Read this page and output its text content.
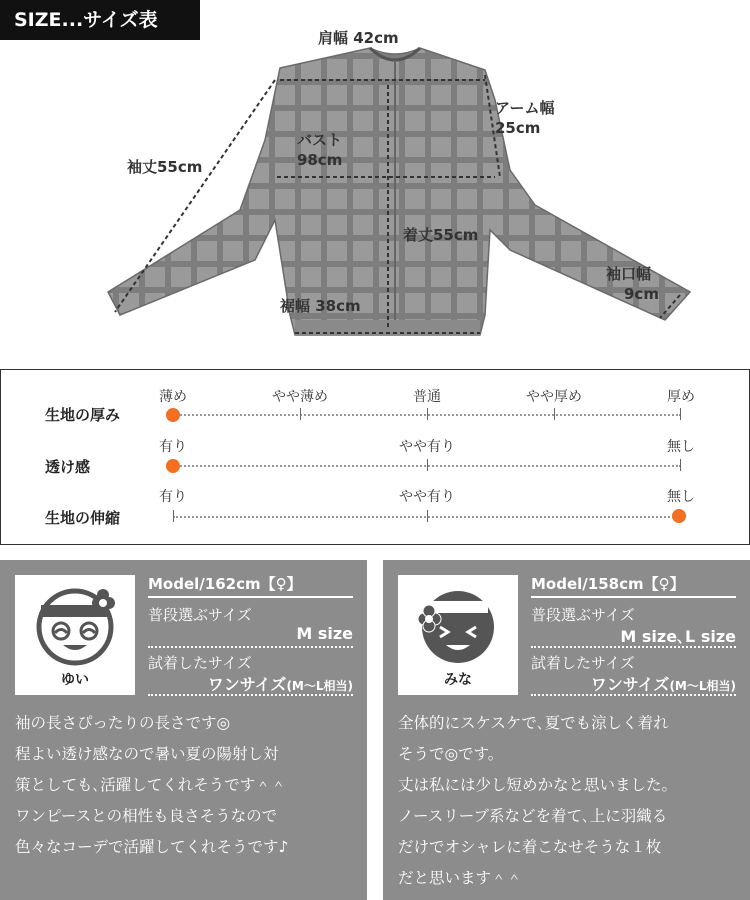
SIZE...サイズ表
肩幅 42cm
アーム幅
25cm
バスト
98cm
袖丈55cm
着丈55cm
袖口幅
9cm
裾幅 38cm
生地の厚み
薄め	やや薄め	普通	やや厚め	厚め
透け感
有り	やや有り	無し
生地の伸縮
有り	やや有り	無し
ゆい
Model/162cm【♀】
普段選ぶサイズ
M size
試着したサイズ
ワンサイズ(M〜L相当)
袖の長さぴったりの長さです◎
程よい透け感なので暑い夏の陽射し対
策としても､活躍してくれそうです＾＾
ワンピースとの相性も良さそうなので
色々なコーデで活躍してくれそうです♪
みな
Model/158cm【♀】
普段選ぶサイズ
M size､L size
試着したサイズ
ワンサイズ(M〜L相当)
全体的にスケスケで､夏でも涼しく着れ
そうで◎です。
丈は私には少し短めかなと思いました。
ノースリーブ系などを着て､上に羽織る
だけでオシャレに着こなせそうな１枚
だと思います＾＾
